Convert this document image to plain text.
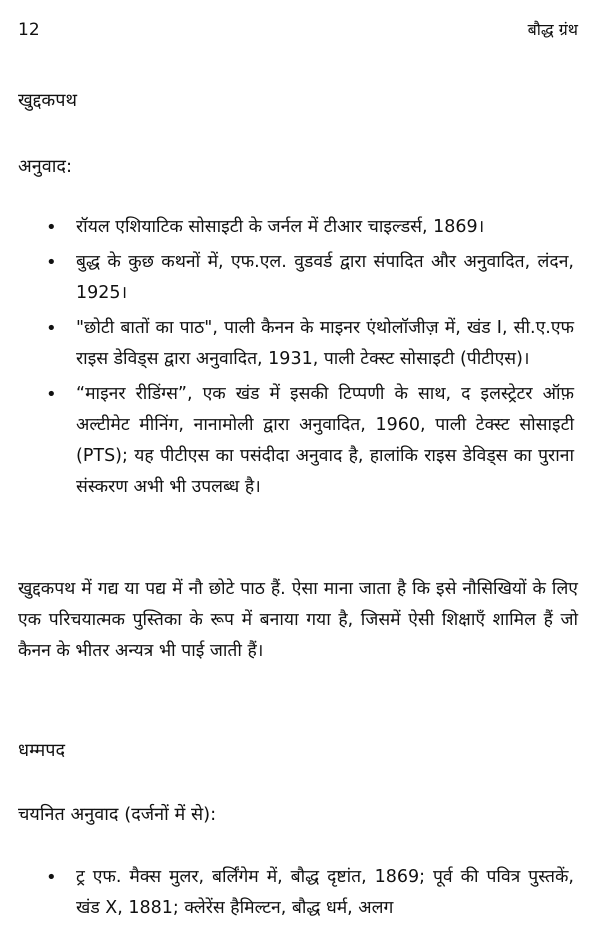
12	बौद्ध ग्रंथ
खुद्दकपथ
अनुवाद:
• रॉयल एशियाटिक सोसाइटी के जर्नल में टीआर चाइल्डर्स, 1869।
• बुद्ध के कुछ कथनों में, एफ.एल. वुडवर्ड द्वारा संपादित और अनुवादित, लंदन, 1925।
• "छोटी बातों का पाठ", पाली कैनन के माइनर एंथोलॉजीज़ में, खंड I, सी.ए.एफ राइस डेविड्स द्वारा अनुवादित, 1931, पाली टेक्स्ट सोसाइटी (पीटीएस)।
• “माइनर रीडिंग्स”, एक खंड में इसकी टिप्पणी के साथ, द इलस्ट्रेटर ऑफ़ अल्टीमेट मीनिंग, नानामोली द्वारा अनुवादित, 1960, पाली टेक्स्ट सोसाइटी (PTS); यह पीटीएस का पसंदीदा अनुवाद है, हालांकि राइस डेविड्स का पुराना संस्करण अभी भी उपलब्ध है।

खुद्दकपथ में गद्य या पद्य में नौ छोटे पाठ हैं. ऐसा माना जाता है कि इसे नौसिखियों के लिए एक परिचयात्मक पुस्तिका के रूप में बनाया गया है, जिसमें ऐसी शिक्षाएँ शामिल हैं जो कैनन के भीतर अन्यत्र भी पाई जाती हैं।

धम्मपद
चयनित अनुवाद (दर्जनों में से):
• ट्र एफ. मैक्स मुलर, बर्लिंगेम में, बौद्ध दृष्टांत, 1869; पूर्व की पवित्र पुस्तकें, खंड X, 1881; क्लेरेंस हैमिल्टन, बौद्ध धर्म, अलग
